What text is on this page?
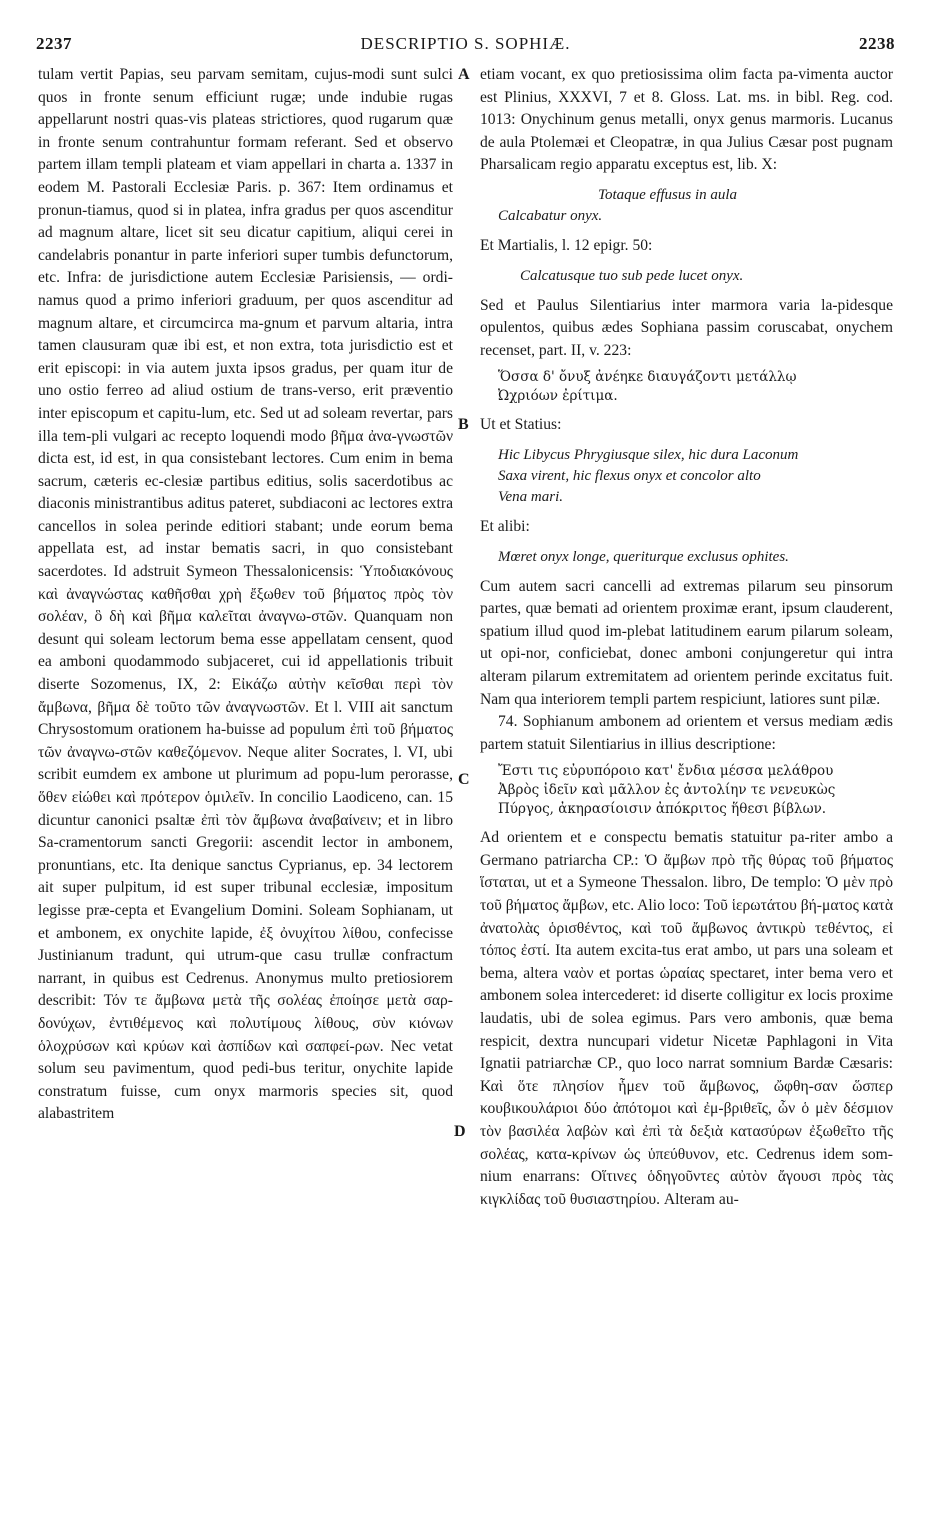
2237	DESCRIPTIO S. SOPHIÆ.	2238
A
B
C
D

tulam vertit Papias, seu parvam semitam, cujus-modi sunt sulci quos in fronte senum efficiunt rugæ; unde indubie rugas appellarunt nostri quas-vis plateas strictiores, quod rugarum quæ in fronte senum contrahuntur formam referant. Sed et observo partem illam templi plateam et viam appellari in charta a. 1337 in eodem M. Pastorali Ecclesiæ Paris. p. 367: Item ordinamus et pronun-tiamus, quod si in platea, infra gradus per quos ascenditur ad magnum altare, licet sit seu dicatur capitium, aliqui cerei in candelabris ponantur in parte inferiori super tumbis defunctorum, etc. Infra: de jurisdictione autem Ecclesiæ Parisiensis, — ordi-namus quod a primo inferiori graduum, per quos ascenditur ad magnum altare, et circumcirca ma-gnum et parvum altaria, intra tamen clausuram quæ ibi est, et non extra, tota jurisdictio est et erit episcopi: in via autem juxta ipsos gradus, per quam itur de uno ostio ferreo ad aliud ostium de trans-verso, erit præventio inter episcopum et capitu-lum, etc. Sed ut ad soleam revertar, pars illa tem-pli vulgari ac recepto loquendi modo βῆμα ἀνα-γνωστῶν dicta est, id est, in qua consistebant lectores. Cum enim in bema sacrum, cæteris ec-clesiæ partibus editius, solis sacerdotibus ac diaconis ministrantibus aditus pateret, subdiaconi ac lectores extra cancellos in solea perinde editiori stabant; unde eorum bema appellata est, ad instar bematis sacri, in quo consistebant sacerdotes. Id adstruit Symeon Thessalonicensis: Ὑποδιακόνους καὶ ἀναγνώστας καθῆσθαι χρὴ ἔξωθεν τοῦ βήματος πρὸς τὸν σολέαν, ὃ δὴ καὶ βῆμα καλεῖται ἀναγνω-στῶν. Quanquam non desunt qui soleam lectorum bema esse appellatam censent, quod ea amboni quodammodo subjaceret, cui id appellationis tribuit diserte Sozomenus, IX, 2: Εἰκάζω αὐτὴν κεῖσθαι περὶ τὸν ἄμβωνα, βῆμα δὲ τοῦτο τῶν ἀναγνωστῶν. Et l. VIII ait sanctum Chrysostomum orationem ha-buisse ad populum ἐπὶ τοῦ βήματος τῶν ἀναγνω-στῶν καθεζόμενον. Neque aliter Socrates, l. VI, ubi scribit eumdem ex ambone ut plurimum ad popu-lum perorasse, ὅθεν εἰώθει καὶ πρότερον ὁμιλεῖν. In concilio Laodiceno, can. 15 dicuntur canonici psaltæ ἐπὶ τὸν ἄμβωνα ἀναβαίνειν; et in libro Sa-cramentorum sancti Gregorii: ascendit lector in ambonem, pronuntians, etc. Ita denique sanctus Cyprianus, ep. 34 lectorem ait super pulpitum, id est super tribunal ecclesiæ, impositum legisse præ-cepta et Evangelium Domini. Soleam Sophianam, ut et ambonem, ex onychite lapide, ἐξ ὀνυχίτου λίθου, confecisse Justinianum tradunt, qui utrum-que casu trullæ confractum narrant, in quibus est Cedrenus. Anonymus multo pretiosiorem describit: Τόν τε ἄμβωνα μετὰ τῆς σολέας ἐποίησε μετὰ σαρ-δονύχων, ἐντιθέμενος καὶ πολυτίμους λίθους, σὺν κιόνων ὁλοχρύσων καὶ κρύων καὶ ἀσπίδων καὶ σαπφεί-ρων. Nec vetat solum seu pavimentum, quod pedi-bus teritur, onychite lapide constratum fuisse, cum onyx marmoris species sit, quod alabastritem

etiam vocant, ex quo pretiosissima olim facta pa-vimenta auctor est Plinius, XXXVI, 7 et 8. Gloss. Lat. ms. in bibl. Reg. cod. 1013: Onychinum genus metalli, onyx genus marmoris. Lucanus de aula Ptolemæi et Cleopatræ, in qua Julius Cæsar post pugnam Pharsalicam regio apparatu exceptus est, lib. X:

Totaque effusus in aula
Calcabatur onyx.

Et Martialis, l. 12 epigr. 50:

Calcatusque tuo sub pede lucet onyx.

Sed et Paulus Silentiarius inter marmora varia la-pidesque opulentos, quibus ædes Sophiana passim coruscabat, onychem recenset, part. II, v. 223:

Ὅσσα δ' ὄνυξ ἀνέηκε διαυγάζοντι μετάλλῳ
Ὠχριόων ἐρίτιμα.

Ut et Statius:

Hic Libycus Phrygiusque silex, hic dura Laconum
Saxa virent, hic flexus onyx et concolor alto
Vena mari.

Et alibi:

Mœret onyx longe, queriturque exclusus ophites.

Cum autem sacri cancelli ad extremas pilarum seu pinsorum partes, quæ bemati ad orientem proximæ erant, ipsum clauderent, spatium illud quod im-plebat latitudinem earum pilarum soleam, ut opi-nor, conficiebat, donec amboni conjungeretur qui intra alteram pilarum extremitatem ad orientem perinde excitatus fuit. Nam qua interiorem templi partem respiciunt, latiores sunt pilæ.

74. Sophianum ambonem ad orientem et versus mediam ædis partem statuit Silentiarius in illius descriptione:

Ἔστι τις εὐρυπόροιο κατ' ἔνδια μέσσα μελάθρου
Ἀβρὸς ἰδεῖν καὶ μᾶλλον ἐς ἀντολίην τε νενευκὼς
Πύργος, ἀκηρασίοισιν ἀπόκριτος ἥθεσι βίβλων.

Ad orientem et e conspectu bematis statuitur pa-riter ambo a Germano patriarcha CP.: Ὁ ἄμβων πρὸ τῆς θύρας τοῦ βήματος ἵσταται, ut et a Symeone Thessalon. libro, De templo: Ὁ μὲν πρὸ τοῦ βήματος ἄμβων, etc. Alio loco: Τοῦ ἱερωτάτου βή-ματος κατὰ ἀνατολὰς ὁρισθέντος, καὶ τοῦ ἄμβωνος ἀντικρὺ τεθέντος, εἰ τόπος ἐστί. Ita autem excita-tus erat ambo, ut pars una soleam et bema, altera ναὸν et portas ὡραίας spectaret, inter bema vero et ambonem solea intercederet: id diserte colligitur ex locis proxime laudatis, ubi de solea egimus. Pars vero ambonis, quæ bema respicit, dextra nuncupari videtur Nicetæ Paphlagoni in Vita Ignatii patriarchæ CP., quo loco narrat somnium Bardæ Cæsaris: Καὶ ὅτε πλησίον ἦμεν τοῦ ἄμβωνος, ὤφθη-σαν ὥσπερ κουβικουλάριοι δύο ἀπότομοι καὶ ἐμ-βριθεῖς, ὧν ὁ μὲν δέσμιον τὸν βασιλέα λαβὼν καὶ ἐπὶ τὰ δεξιὰ κατασύρων ἐξωθεῖτο τῆς σολέας, κατα-κρίνων ὡς ὑπεύθυνον, etc. Cedrenus idem som-nium enarrans: Οἵτινες ὁδηγοῦντες αὐτὸν ἄγουσι πρὸς τὰς κιγκλίδας τοῦ θυσιαστηρίου. Alteram au-
